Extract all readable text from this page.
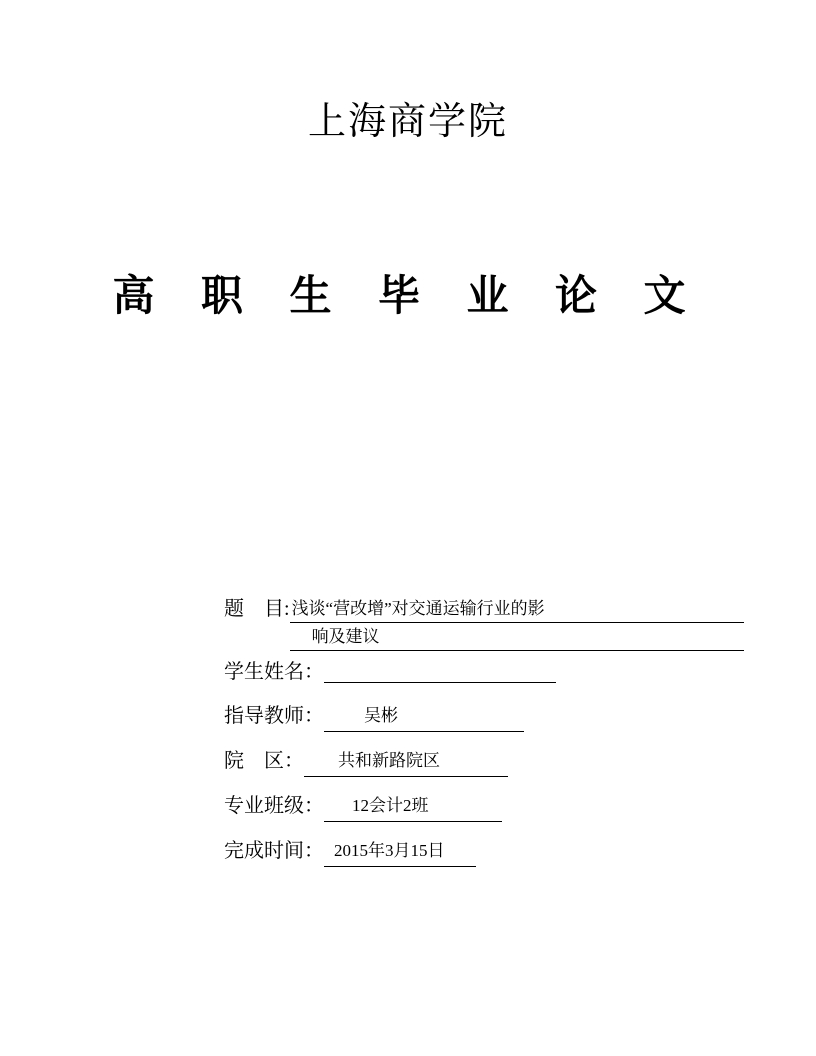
上海商学院
高 职 生 毕 业 论 文
题    目: 浅谈“营改增”对交通运输行业的影
响及建议
学生姓名：
指导教师：	吴彬
院    区：	共和新路院区
专业班级：	12会计2班
完成时间： 2015年3月15日
